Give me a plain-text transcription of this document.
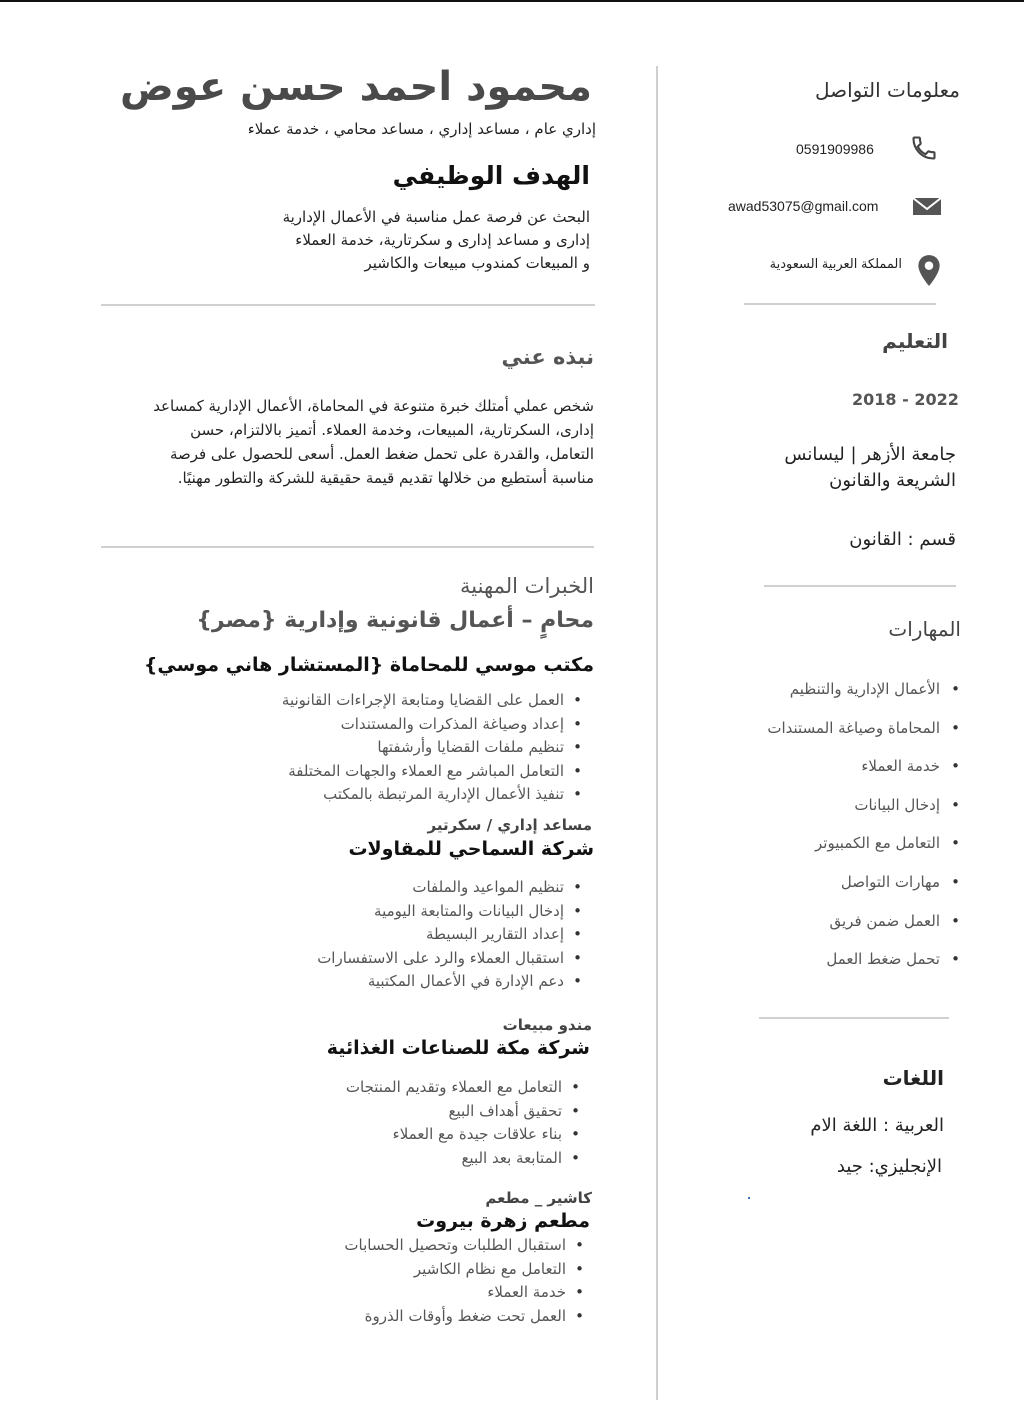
محمود احمد حسن عوض
إداري عام ، مساعد إداري ، مساعد محامي ، خدمة عملاء
الهدف الوظيفي
البحث عن فرصة عمل مناسبة في الأعمال الإدارية
إدارى و مساعد إدارى و سكرتارية، خدمة العملاء
و المبيعات كمندوب مبيعات والكاشير
نبذه عني
شخص عملي أمتلك خبرة متنوعة في المحاماة، الأعمال الإدارية كمساعد
إدارى، السكرتارية، المبيعات، وخدمة العملاء. أتميز بالالتزام، حسن
التعامل، والقدرة على تحمل ضغط العمل. أسعى للحصول على فرصة
مناسبة أستطيع من خلالها تقديم قيمة حقيقية للشركة والتطور مهنيًا.
الخبرات المهنية
محامٍ – أعمال قانونية وإدارية {مصر}
مكتب موسي للمحاماة {المستشار هاني موسي}
• العمل على القضايا ومتابعة الإجراءات القانونية
• إعداد وصياغة المذكرات والمستندات
• تنظيم ملفات القضايا وأرشفتها
• التعامل المباشر مع العملاء والجهات المختلفة
• تنفيذ الأعمال الإدارية المرتبطة بالمكتب
مساعد إداري / سكرتير
شركة السماحي للمقاولات
• تنظيم المواعيد والملفات
• إدخال البيانات والمتابعة اليومية
• إعداد التقارير البسيطة
• استقبال العملاء والرد على الاستفسارات
• دعم الإدارة في الأعمال المكتبية
مندو مبيعات
شركة مكة للصناعات الغذائية
• التعامل مع العملاء وتقديم المنتجات
• تحقيق أهداف البيع
• بناء علاقات جيدة مع العملاء
• المتابعة بعد البيع
كاشير _ مطعم
مطعم زهرة بيروت
• استقبال الطلبات وتحصيل الحسابات
• التعامل مع نظام الكاشير
• خدمة العملاء
• العمل تحت ضغط وأوقات الذروة
معلومات التواصل
0591909986
awad53075@gmail.com
المملكة العربية السعودية
التعليم
2018 - 2022
جامعة الأزهر | ليسانس الشريعة والقانون
قسم : القانون
المهارات
• الأعمال الإدارية والتنظيم
• المحاماة وصياغة المستندات
• خدمة العملاء
• إدخال البيانات
• التعامل مع الكمبيوتر
• مهارات التواصل
• العمل ضمن فريق
• تحمل ضغط العمل
اللغات
العربية : اللغة الام
الإنجليزي: جيد
